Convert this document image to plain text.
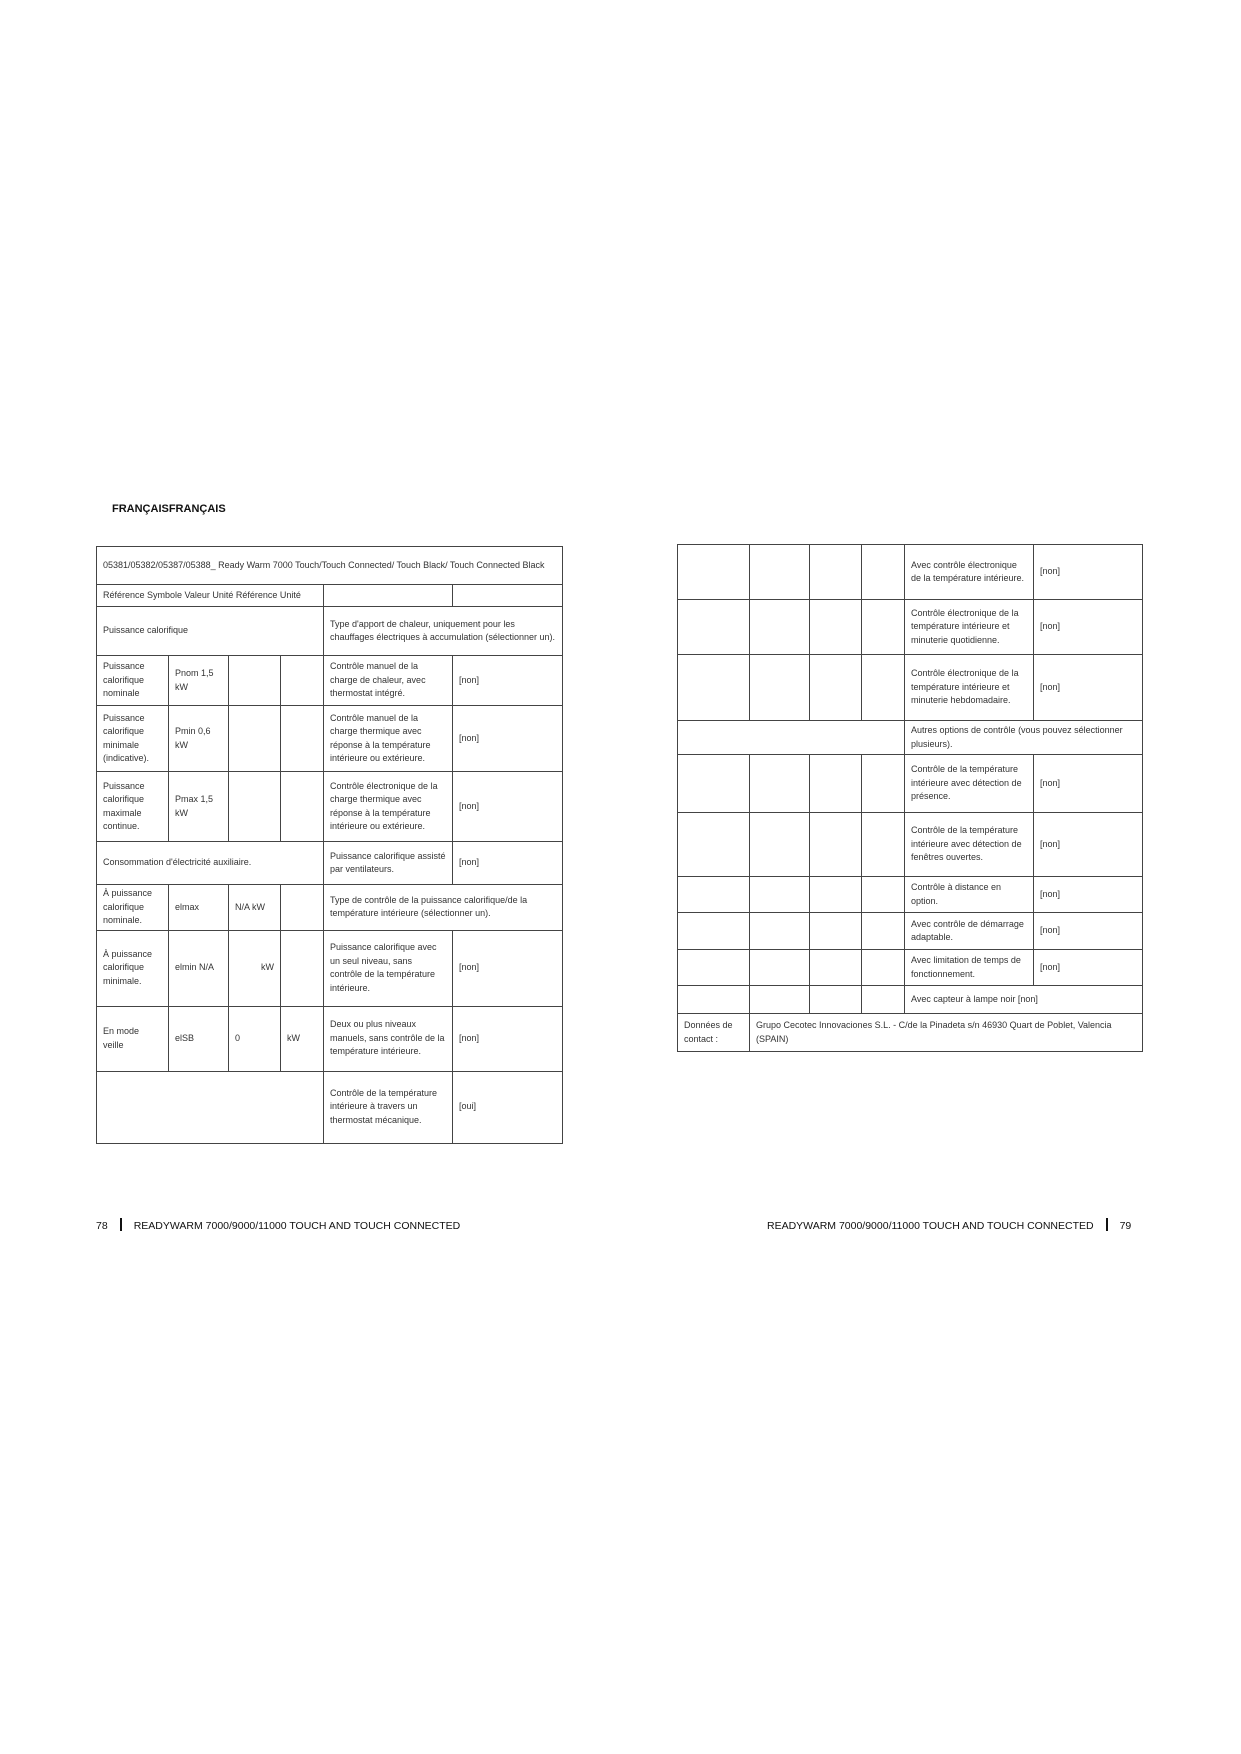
FRANÇAISFRANÇAIS
05381/05382/05387/05388_ Ready Warm 7000 Touch/Touch Connected/ Touch Black/ Touch Connected Black					
Référence Symbole Valeur Unité Référence Unité					
Puissance calorifique				Type d'apport de chaleur, uniquement pour les chauffages électriques à accumulation (sélectionner un).	
Puissance calorifique nominale	Pnom 1,5 kW			Contrôle manuel de la charge de chaleur, avec thermostat intégré.	[non]
Puissance calorifique minimale (indicative).	Pmin 0,6 kW			Contrôle manuel de la charge thermique avec réponse à la température intérieure ou extérieure.	[non]
Puissance calorifique maximale continue.	Pmax 1,5 kW			Contrôle électronique de la charge thermique avec réponse à la température intérieure ou extérieure.	[non]
Consommation d'électricité auxiliaire.				Puissance calorifique assisté par ventilateurs.	[non]
À puissance calorifique nominale.	elmax	N/A kW		Type de contrôle de la puissance calorifique/de la température intérieure (sélectionner un).	
À puissance calorifique minimale.	elmin N/A	kW		Puissance calorifique avec un seul niveau, sans contrôle de la température intérieure.	[non]
En mode veille	elSB	0	kW	Deux ou plus niveaux manuels, sans contrôle de la température intérieure.	[non]
				Contrôle de la température intérieure à travers un thermostat mécanique.	[oui]
				Avec contrôle électronique de la température intérieure.	[non]
				Contrôle électronique de la température intérieure et minuterie quotidienne.	[non]
				Contrôle électronique de la température intérieure et minuterie hebdomadaire.	[non]
				Autres options de contrôle (vous pouvez sélectionner plusieurs).	
				Contrôle de la température intérieure avec détection de présence.	[non]
				Contrôle de la température intérieure avec détection de fenêtres ouvertes.	[non]
				Contrôle à distance en option.	[non]
				Avec contrôle de démarrage adaptable.	[non]
				Avec limitation de temps de fonctionnement.	[non]
				Avec capteur à lampe noir [non]	
Données de contact :	Grupo Cecotec Innovaciones S.L. - C/de la Pinadeta s/n 46930 Quart de Poblet, Valencia (SPAIN)				
78 READYWARM 7000/9000/11000 TOUCH AND TOUCH CONNECTED	READYWARM 7000/9000/11000 TOUCH AND TOUCH CONNECTED 79
